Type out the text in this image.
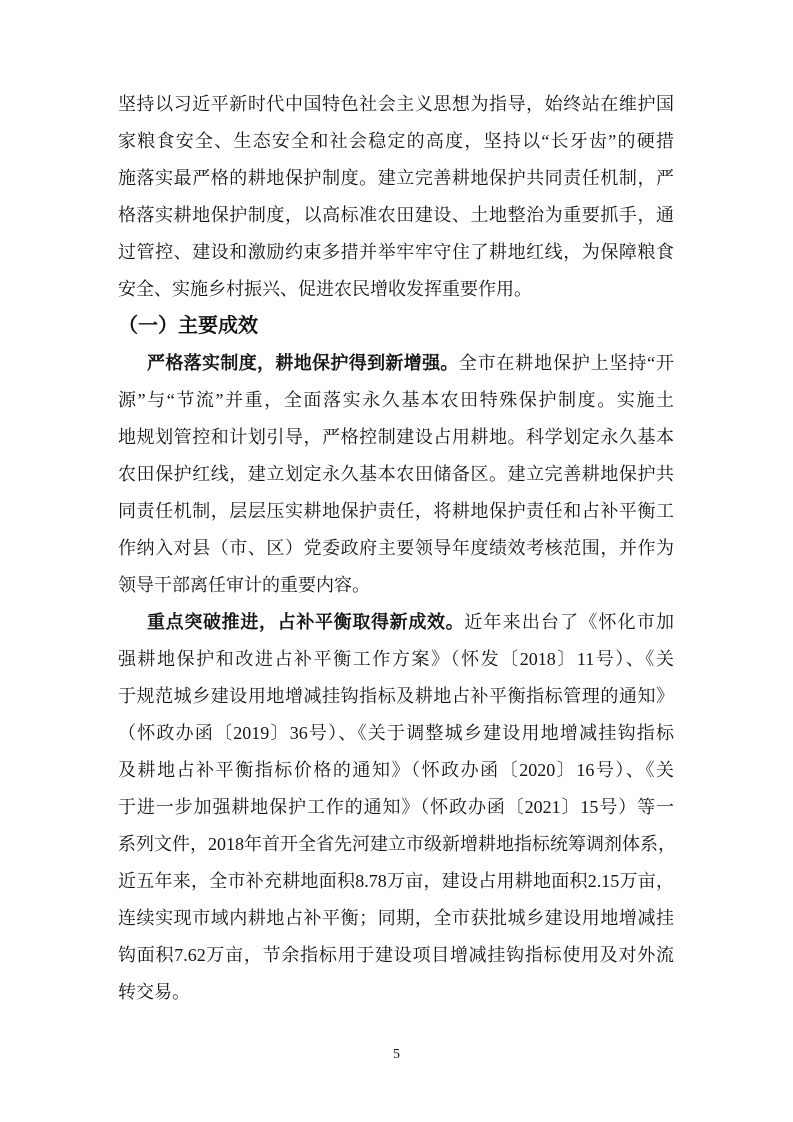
坚持以习近平新时代中国特色社会主义思想为指导，始终站在维护国
家粮食安全、生态安全和社会稳定的高度，坚持以“长牙齿”的硬措
施落实最严格的耕地保护制度。建立完善耕地保护共同责任机制，严
格落实耕地保护制度，以高标准农田建设、土地整治为重要抓手，通
过管控、建设和激励约束多措并举牢牢守住了耕地红线，为保障粮食
安全、实施乡村振兴、促进农民增收发挥重要作用。

（一）主要成效

严格落实制度，耕地保护得到新增强。全市在耕地保护上坚持“开
源”与“节流”并重，全面落实永久基本农田特殊保护制度。实施土
地规划管控和计划引导，严格控制建设占用耕地。科学划定永久基本
农田保护红线，建立划定永久基本农田储备区。建立完善耕地保护共
同责任机制，层层压实耕地保护责任，将耕地保护责任和占补平衡工
作纳入对县（市、区）党委政府主要领导年度绩效考核范围，并作为
领导干部离任审计的重要内容。

重点突破推进，占补平衡取得新成效。近年来出台了《怀化市加
强耕地保护和改进占补平衡工作方案》（怀发〔2018〕11号）、《关
于规范城乡建设用地增减挂钩指标及耕地占补平衡指标管理的通知》
（怀政办函〔2019〕36号）、《关于调整城乡建设用地增减挂钩指标
及耕地占补平衡指标价格的通知》（怀政办函〔2020〕16号）、《关
于进一步加强耕地保护工作的通知》（怀政办函〔2021〕15号）等一
系列文件，2018年首开全省先河建立市级新增耕地指标统筹调剂体系，
近五年来，全市补充耕地面积8.78万亩，建设占用耕地面积2.15万亩，
连续实现市域内耕地占补平衡；同期，全市获批城乡建设用地增减挂
钩面积7.62万亩，节余指标用于建设项目增减挂钩指标使用及对外流
转交易。

5
